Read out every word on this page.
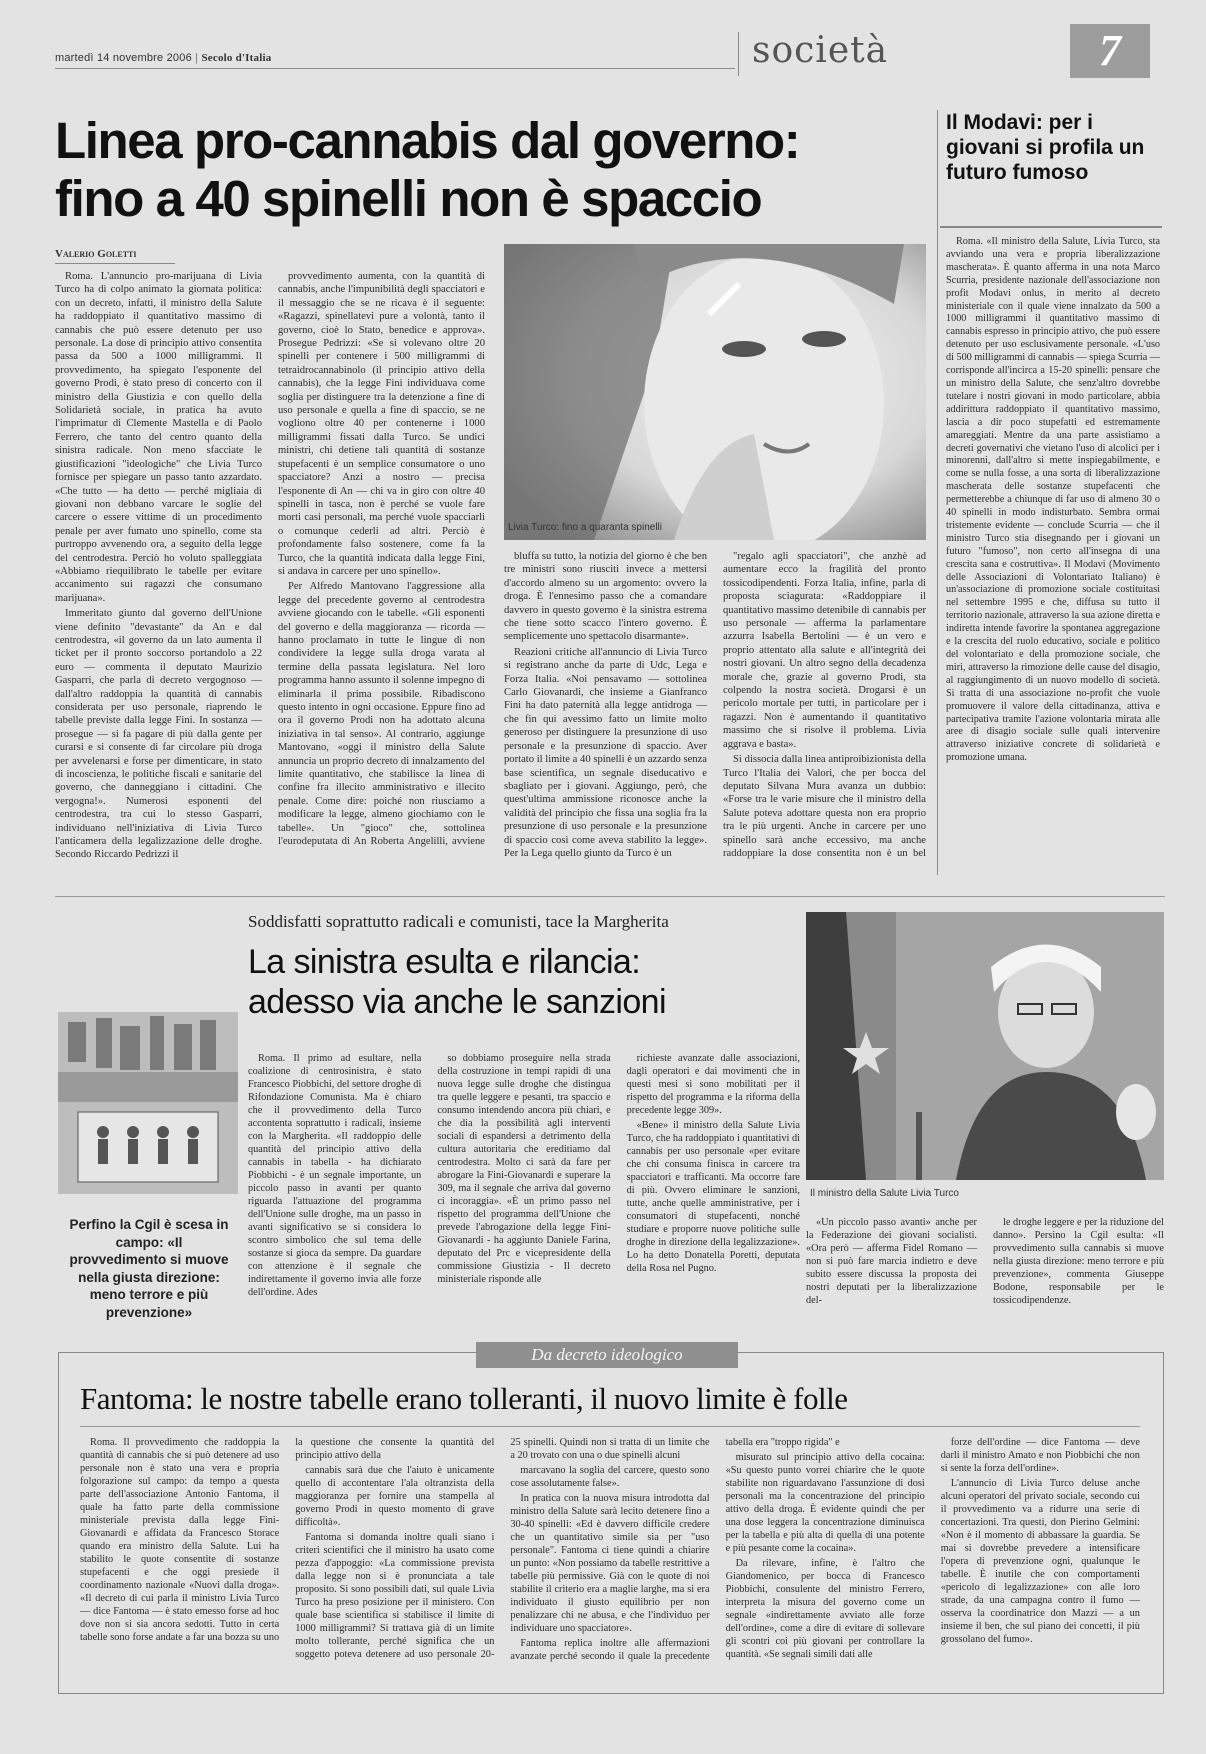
martedì 14 novembre 2006 | Secolo d'Italia	società	7
Linea pro-cannabis dal governo:
fino a 40 spinelli non è spaccio
Il Modavi: per i giovani si profila un futuro fumoso

Roma. «Il ministro della Salute, Livia Turco, sta avviando una vera e propria liberalizzazione mascherata». È quanto afferma in una nota Marco Scurria, presidente nazionale dell'associazione non profit Modavi onlus, in merito al decreto ministeriale con il quale viene innalzato da 500 a 1000 milligrammi il quantitativo massimo di cannabis espresso in principio attivo, che può essere detenuto per uso esclusivamente personale. «L'uso di 500 milligrammi di cannabis — spiega Scurria — corrisponde all'incirca a 15-20 spinelli: pensare che un ministro della Salute, che senz'altro dovrebbe tutelare i nostri giovani in modo particolare, abbia addirittura raddoppiato il quantitativo massimo, lascia a dir poco stupefatti ed estremamente amareggiati. Mentre da una parte assistiamo a decreti governativi che vietano l'uso di alcolici per i minorenni, dall'altro si mette inspiegabilmente, e come se nulla fosse, a una sorta di liberalizzazione mascherata delle sostanze stupefacenti che permetterebbe a chiunque di far uso di almeno 30 o 40 spinelli in modo indisturbato. Sembra ormai tristemente evidente — conclude Scurria — che il ministro Turco stia disegnando per i giovani un futuro "fumoso", non certo all'insegna di una crescita sana e costruttiva». Il Modavi (Movimento delle Associazioni di Volontariato Italiano) è un'associazione di promozione sociale costituitasi nel settembre 1995 e che, diffusa su tutto il territorio nazionale, attraverso la sua azione diretta e indiretta intende favorire la spontanea aggregazione e la crescita del ruolo educativo, sociale e politico del volontariato e della promozione sociale, che miri, attraverso la rimozione delle cause del disagio, al raggiungimento di un nuovo modello di società. Si tratta di una associazione no-profit che vuole promuovere il valore della cittadinanza, attiva e partecipativa tramite l'azione volontaria mirata alle aree di disagio sociale sulle quali intervenire attraverso iniziative concrete di solidarietà e promozione umana.

Valerio Goletti

Roma. L'annuncio pro-marijuana di Livia Turco ha di colpo animato la giornata politica: con un decreto, infatti, il ministro della Salute ha raddoppiato il quantitativo massimo di cannabis che può essere detenuto per uso personale. La dose di principio attivo consentita passa da 500 a 1000 milligrammi. Il provvedimento, ha spiegato l'esponente del governo Prodi, è stato preso di concerto con il ministro della Giustizia e con quello della Solidarietà sociale, in pratica ha avuto l'imprimatur di Clemente Mastella e di Paolo Ferrero, che tanto del centro quanto della sinistra radicale. Non meno sfacciate le giustificazioni "ideologiche" che Livia Turco fornisce per spiegare un passo tanto azzardato. «Che tutto — ha detto — perché migliaia di giovani non debbano varcare le soglie del carcere o essere vittime di un procedimento penale per aver fumato uno spinello, come sta purtroppo avvenendo ora, a seguito della legge del centrodestra. Perciò ho voluto spalleggiata «Abbiamo riequilibrato le tabelle per evitare accanimento sui ragazzi che consumano marijuana».

Immeritato giunto dal governo dell'Unione viene definito "devastante" da An e dal centrodestra, «il governo da un lato aumenta il ticket per il pronto soccorso portandolo a 22 euro — commenta il deputato Maurizio Gasparri, che parla di decreto vergognoso — dall'altro raddoppia la quantità di cannabis considerata per uso personale, riaprendo le tabelle previste dalla legge Fini. In sostanza — prosegue — si fa pagare di più dalla gente per curarsi e si consente di far circolare più droga per avvelenarsi e forse per dimenticare, in stato di incoscienza, le politiche fiscali e sanitarie del governo, che danneggiano i cittadini. Che vergogna!». Numerosi esponenti del centrodestra, tra cui lo stesso Gasparri, individuano nell'iniziativa di Livia Turco l'anticamera della legalizzazione delle droghe. Secondo Riccardo Pedrizzi il

provvedimento aumenta, con la quantità di cannabis, anche l'impunibilità degli spacciatori e il messaggio che se ne ricava è il seguente: «Ragazzi, spinellatevi pure a volontà, tanto il governo, cioè lo Stato, benedice e approva». Prosegue Pedrizzi: «Se si volevano oltre 20 spinelli per contenere i 500 milligrammi di tetraidrocannabinolo (il principio attivo della cannabis), che la legge Fini individuava come soglia per distinguere tra la detenzione a fine di uso personale e quella a fine di spaccio, se ne vogliono oltre 40 per contenerne i 1000 milligrammi fissati dalla Turco. Se undici ministri, chi detiene tali quantità di sostanze stupefacenti è un semplice consumatore o uno spacciatore? Anzi a nostro — precisa l'esponente di An — chi va in giro con oltre 40 spinelli in tasca, non è perché se vuole fare morti casi personali, ma perché vuole spacciarli o comunque cederli ad altri. Perciò è profondamente falso sostenere, come fa la Turco, che la quantità indicata dalla legge Fini, si andava in carcere per uno spinello».

Per Alfredo Mantovano l'aggressione alla legge del precedente governo al centrodestra avviene giocando con le tabelle. «Gli esponenti del governo e della maggioranza — ricorda — hanno proclamato in tutte le lingue di non condividere la legge sulla droga varata al termine della passata legislatura. Nel loro programma hanno assunto il solenne impegno di eliminarla il prima possibile. Ribadiscono questo intento in ogni occasione. Eppure fino ad ora il governo Prodi non ha adottato alcuna iniziativa in tal senso». Al contrario, aggiunge Mantovano, «oggi il ministro della Salute annuncia un proprio decreto di innalzamento del limite quantitativo, che stabilisce la linea di confine fra illecito amministrativo e illecito penale. Come dire: poiché non riusciamo a modificare la legge, almeno giochiamo con le tabelle». Un "gioco" che, sottolinea l'eurodeputata di An Roberta Angelilli, avviene

Livia Turco: fino a quaranta spinelli

bluffa su tutto, la notizia del giorno è che ben tre ministri sono riusciti invece a mettersi d'accordo almeno su un argomento: ovvero la droga. È l'ennesimo passo che a comandare davvero in questo governo è la sinistra estrema che tiene sotto scacco l'intero governo. È semplicemente uno spettacolo disarmante».

Reazioni critiche all'annuncio di Livia Turco si registrano anche da parte di Udc, Lega e Forza Italia. «Noi pensavamo — sottolinea Carlo Giovanardi, che insieme a Gianfranco Fini ha dato paternità alla legge antidroga — che fin qui avessimo fatto un limite molto generoso per distinguere la presunzione di uso personale e la presunzione di spaccio. Aver portato il limite a 40 spinelli è un azzardo senza base scientifica, un segnale diseducativo e sbagliato per i giovani. Aggiungo, però, che quest'ultima ammissione riconosce anche la validità del principio che fissa una soglia fra la presunzione di uso personale e la presunzione di spaccio così come aveva stabilito la legge». Per la Lega quello giunto da Turco è un

"regalo agli spacciatori", che anzhè ad aumentare ecco la fragilità del pronto tossicodipendenti. Forza Italia, infine, parla di proposta sciagurata: «Raddoppiare il quantitativo massimo detenibile di cannabis per uso personale — afferma la parlamentare azzurra Isabella Bertolini — è un vero e proprio attentato alla salute e all'integrità dei nostri giovani. Un altro segno della decadenza morale che, grazie al governo Prodi, sta colpendo la nostra società. Drogarsi è un pericolo mortale per tutti, in particolare per i ragazzi. Non è aumentando il quantitativo massimo che si risolve il problema. Livia aggrava e basta».

Si dissocia dalla linea antiproibizionista della Turco l'Italia dei Valori, che per bocca del deputato Silvana Mura avanza un dubbio: «Forse tra le varie misure che il ministro della Salute poteva adottare questa non era proprio tra le più urgenti. Anche in carcere per uno spinello sarà anche eccessivo, ma anche raddoppiare la dose consentita non è un bel

Soddisfatti soprattutto radicali e comunisti, tace la Margherita
La sinistra esulta e rilancia:
adesso via anche le sanzioni
Perfino la Cgil è scesa in campo: «Il provvedimento si muove nella giusta direzione: meno terrore e più prevenzione»

Roma. Il primo ad esultare, nella coalizione di centrosinistra, è stato Francesco Piobbichi, del settore droghe di Rifondazione Comunista. Ma è chiaro che il provvedimento della Turco accontenta soprattutto i radicali, insieme con la Margherita. «Il raddoppio delle quantità del principio attivo della cannabis in tabella - ha dichiarato Piobbichi - è un segnale importante, un piccolo passo in avanti per quanto riguarda l'attuazione del programma dell'Unione sulle droghe, ma un passo in avanti significativo se si considera lo scontro simbolico che sul tema delle sostanze si gioca da sempre. Da guardare con attenzione è il segnale che indirettamente il governo invia alle forze dell'ordine. Ades

so dobbiamo proseguire nella strada della costruzione in tempi rapidi di una nuova legge sulle droghe che distingua tra quelle leggere e pesanti, tra spaccio e consumo intendendo ancora più chiari, e che dia la possibilità agli interventi sociali di espandersi a detrimento della cultura autoritaria che ereditiamo dal centrodestra. Molto ci sarà da fare per abrogare la Fini-Giovanardi e superare la 309, ma il segnale che arriva dal governo ci incoraggia». «È un primo passo nel rispetto del programma dell'Unione che prevede l'abrogazione della legge Fini-Giovanardi - ha aggiunto Daniele Farina, deputato del Prc e vicepresidente della commissione Giustizia - Il decreto ministeriale risponde alle

richieste avanzate dalle associazioni, dagli operatori e dai movimenti che in questi mesi si sono mobilitati per il rispetto del programma e la riforma della precedente legge 309».

«Bene» il ministro della Salute Livia Turco, che ha raddoppiato i quantitativi di cannabis per uso personale «per evitare che chi consuma finisca in carcere tra spacciatori e trafficanti. Ma occorre fare di più. Ovvero eliminare le sanzioni, tutte, anche quelle amministrative, per i consumatori di stupefacenti, nonché studiare e proporre nuove politiche sulle droghe in direzione della legalizzazione». Lo ha detto Donatella Poretti, deputata della Rosa nel Pugno.

Il ministro della Salute Livia Turco

«Un piccolo passo avanti» anche per la Federazione dei giovani socialisti. «Ora però — afferma Fidel Romano — non si può fare marcia indietro e deve subito essere discussa la proposta dei nostri deputati per la liberalizzazione del-

le droghe leggere e per la riduzione del danno». Persino la Cgil esulta: «Il provvedimento sulla cannabis si muove nella giusta direzione: meno terrore e più prevenzione», commenta Giuseppe Bodone, responsabile per le tossicodipendenze.

Da decreto ideologico
Fantoma: le nostre tabelle erano tolleranti, il nuovo limite è folle

Roma. Il provvedimento che raddoppia la quantità di cannabis che si può detenere ad uso personale non è stato una vera e propria folgorazione sul campo: da tempo a questa parte dell'associazione Antonio Fantoma, il quale ha fatto parte della commissione ministeriale prevista dalla legge Fini-Giovanardi e affidata da Francesco Storace quando era ministro della Salute. Lui ha stabilito le quote consentite di sostanze stupefacenti e che oggi presiede il coordinamento nazionale «Nuovi dalla droga». «Il decreto di cui parla il ministro Livia Turco — dice Fantoma — è stato emesso forse ad hoc dove non si sia ancora sedotti. Tutto in certa tabelle sono forse andate a far una bozza su uno la questione che consente la quantità del principio attivo della

cannabis sarà due che l'aiuto è unicamente quello di accontentare l'ala oltranzista della maggioranza per fornire una stampella al governo Prodi in questo momento di grave difficoltà».

Fantoma si domanda inoltre quali siano i criteri scientifici che il ministro ha usato come pezza d'appoggio: «La commissione prevista dalla legge non si è pronunciata a tale proposito. Si sono possibili dati, sul quale Livia Turco ha preso posizione per il ministero. Con quale base scientifica si stabilisce il limite di 1000 milligrammi? Si trattava già di un limite molto tollerante, perché significa che un soggetto poteva detenere ad uso personale 20-25 spinelli. Quindi non si tratta di un limite che a 20 trovato con una o due spinelli alcuni

marcavano la soglia del carcere, questo sono cose assolutamente false».

In pratica con la nuova misura introdotta dal ministro della Salute sarà lecito detenere fino a 30-40 spinelli: «Ed è davvero difficile credere che un quantitativo simile sia per "uso personale". Fantoma ci tiene quindi a chiarire un punto: «Non possiamo da tabelle restrittive a tabelle più permissive. Già con le quote di noi stabilite il criterio era a maglie larghe, ma si era individuato il giusto equilibrio per non penalizzare chi ne abusa, e che l'individuo per individuare uno spacciatore».

Fantoma replica inoltre alle affermazioni avanzate perché secondo il quale la precedente tabella era "troppo rigida" e

misurato sul principio attivo della cocaina: «Su questo punto vorrei chiarire che le quote stabilite non riguardavano l'assunzione di dosi personali ma la concentrazione del principio attivo della droga. È evidente quindi che per una dose leggera la concentrazione diminuisca per la tabella e più alta di quella di una potente e più pesante come la cocaina».

Da rilevare, infine, è l'altro che Giandomenico, per bocca di Francesco Piobbichi, consulente del ministro Ferrero, interpreta la misura del governo come un segnale «indirettamente avviato alle forze dell'ordine», come a dire di evitare di sollevare gli scontri coi più giovani per controllare la quantità. «Se segnali simili dati alle

forze dell'ordine — dice Fantoma — deve darli il ministro Amato e non Piobbichi che non si sente la forza dell'ordine».

L'annuncio di Livia Turco deluse anche alcuni operatori del privato sociale, secondo cui il provvedimento va a ridurre una serie di concertazioni. Tra questi, don Pierino Gelmini: «Non è il momento di abbassare la guardia. Se mai si dovrebbe prevedere a intensificare l'opera di prevenzione ogni, qualunque le tabelle. È inutile che con comportamenti «pericolo di legalizzazione» con alle loro strade, da una campagna contro il fumo — osserva la coordinatrice don Mazzi — a un insieme il ben, che sul piano dei concetti, il più grossolano del fumo».
